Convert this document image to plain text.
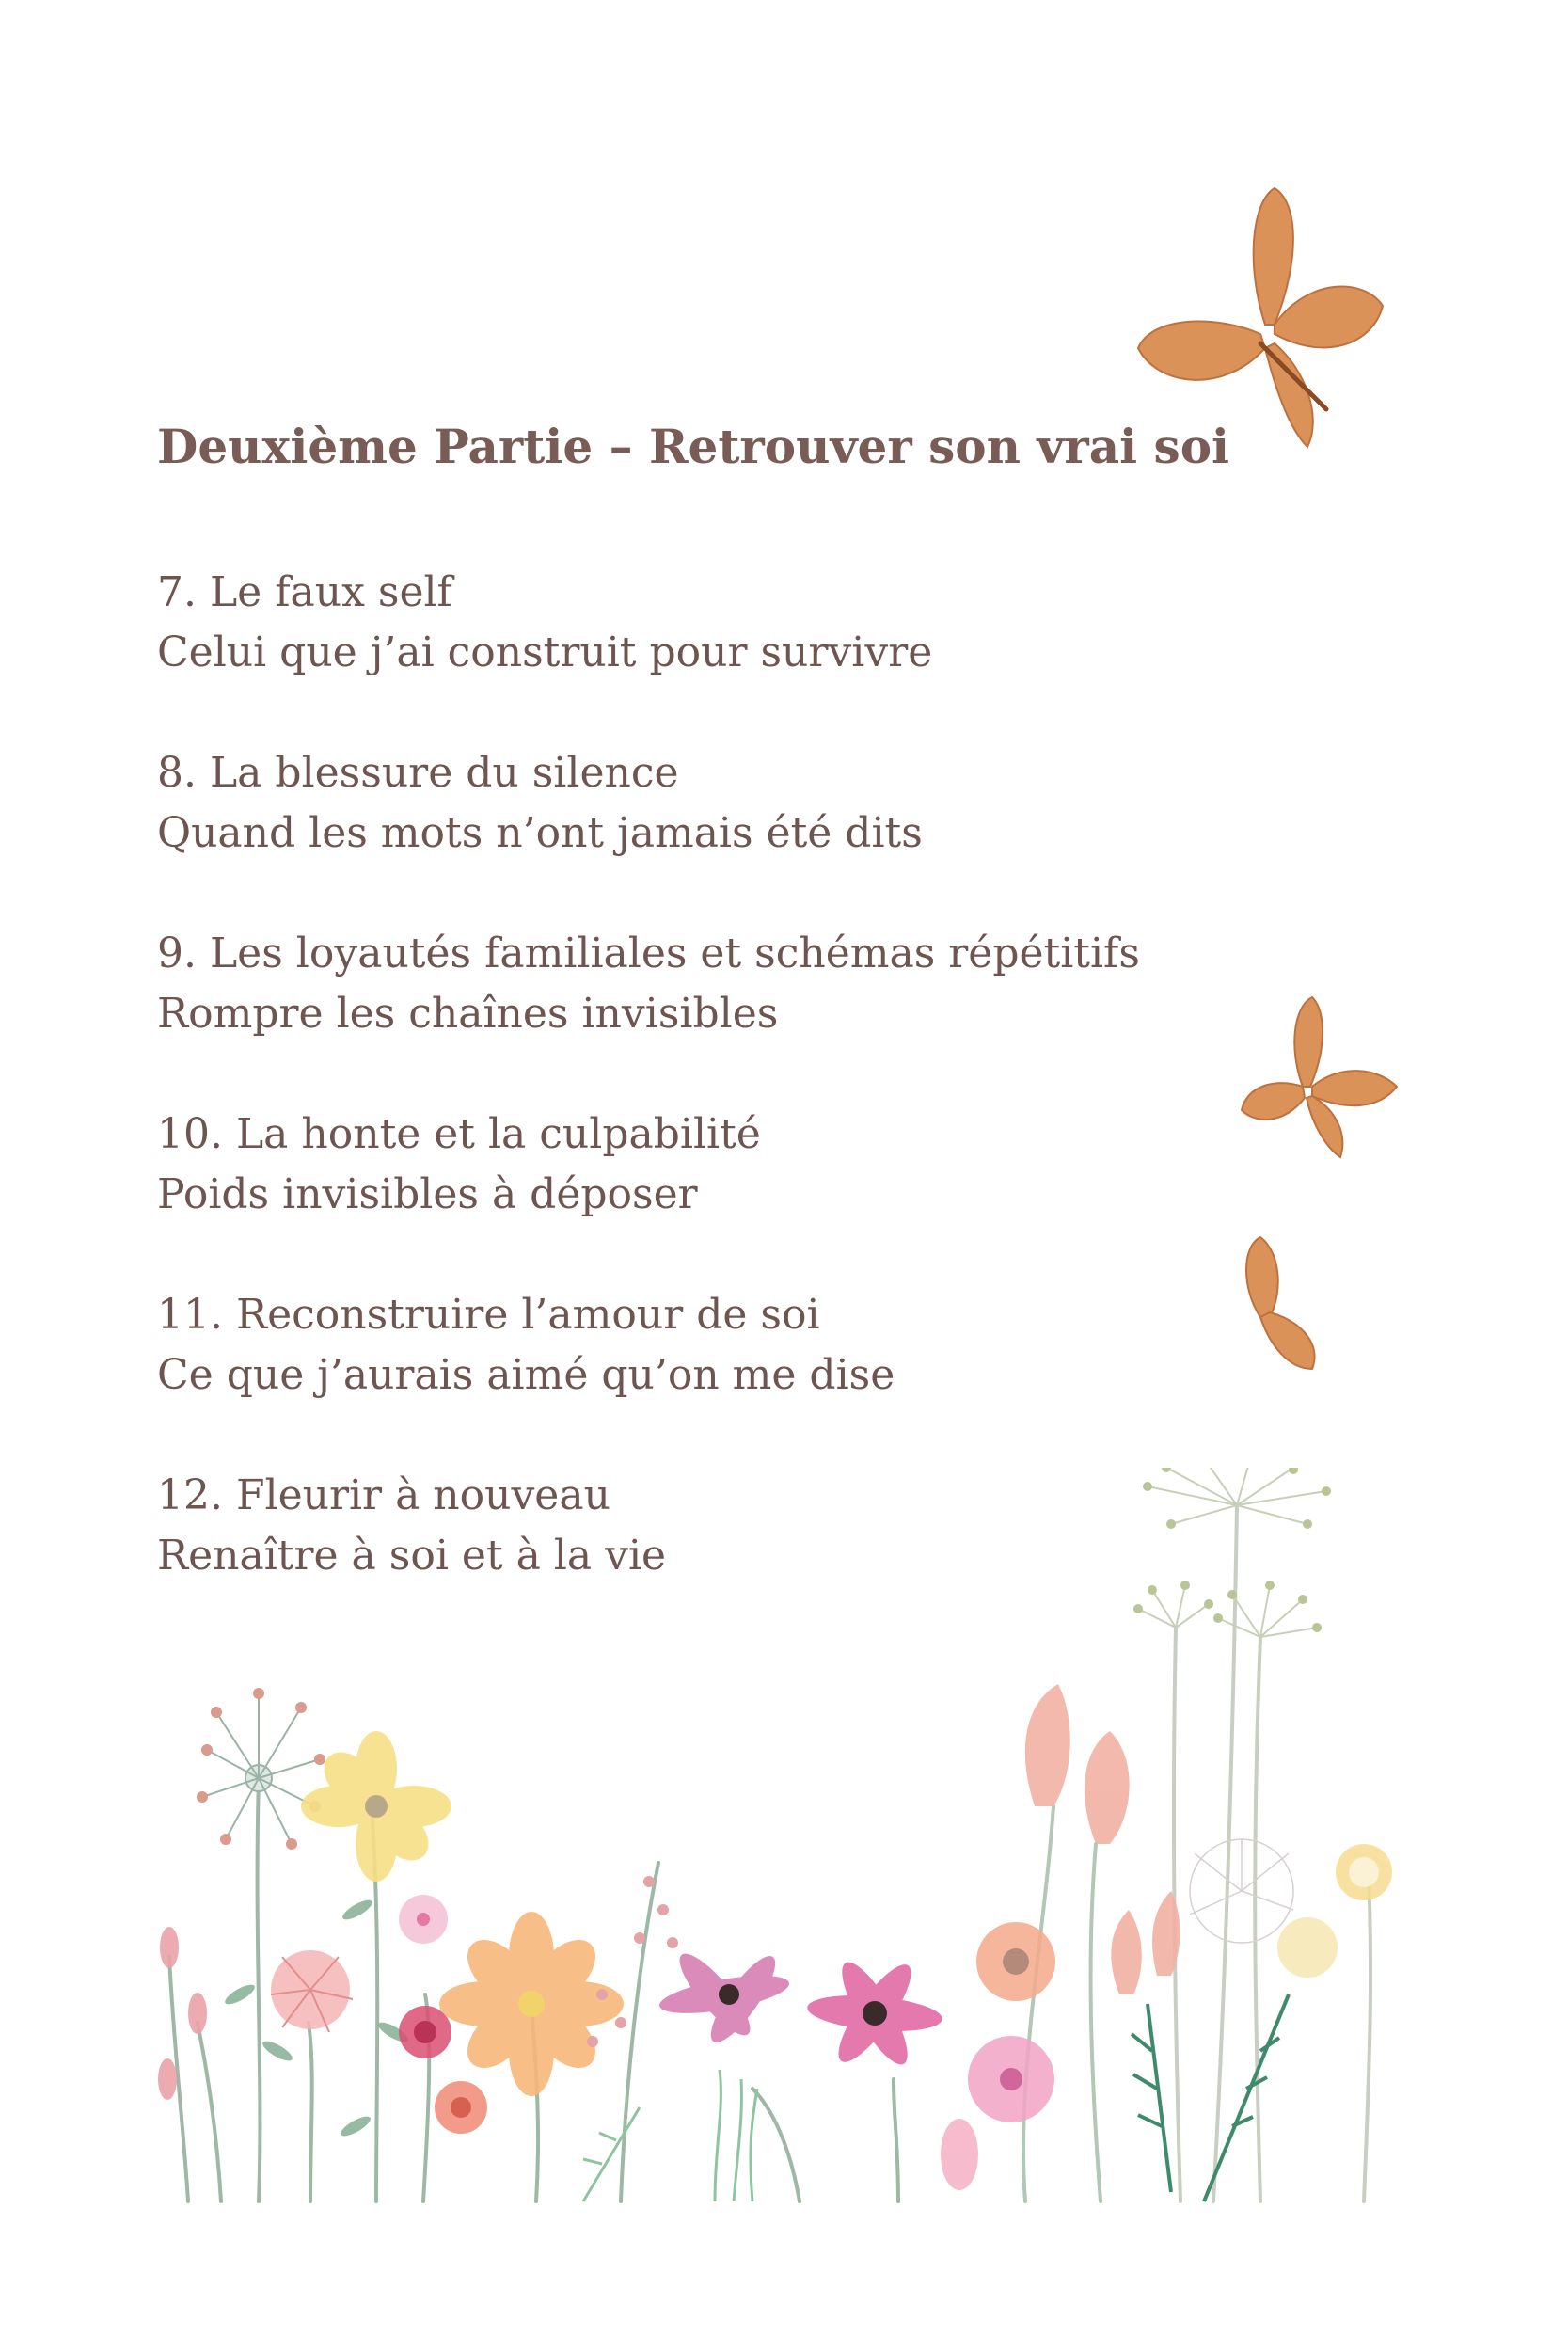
Deuxième Partie – Retrouver son vrai soi
7. Le faux self
Celui que j’ai construit pour survivre
8. La blessure du silence
Quand les mots n’ont jamais été dits
9. Les loyautés familiales et schémas répétitifs
Rompre les chaînes invisibles
10. La honte et la culpabilité
Poids invisibles à déposer
11. Reconstruire l’amour de soi
Ce que j’aurais aimé qu’on me dise
12. Fleurir à nouveau
Renaître à soi et à la vie
